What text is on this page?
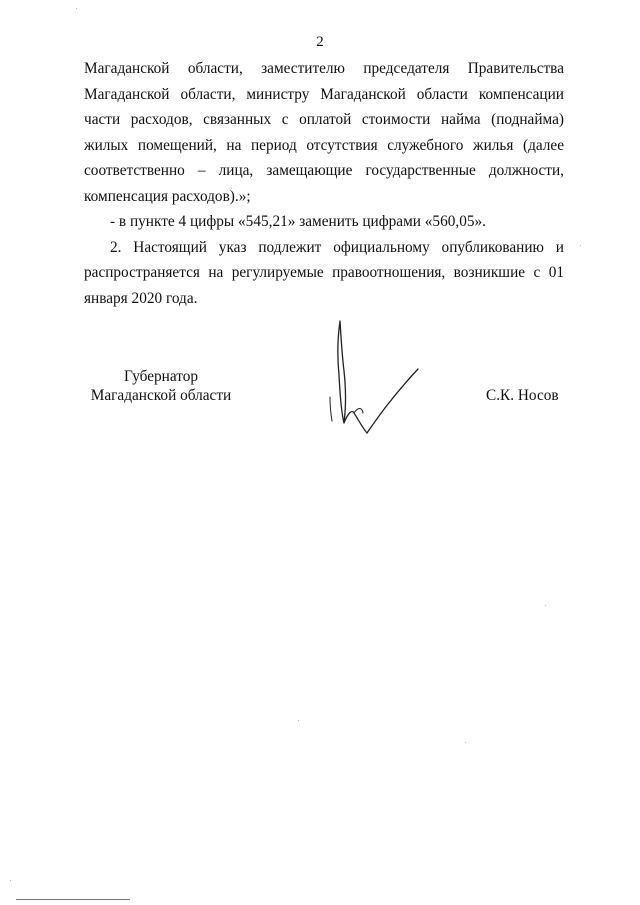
2

Магаданской области, заместителю председателя Правительства Магаданской области, министру Магаданской области компенсации части расходов, связанных с оплатой стоимости найма (поднайма) жилых помещений, на период отсутствия служебного жилья (далее соответственно – лица, замещающие государственные должности, компенсация расходов).»;

- в пункте 4 цифры «545,21» заменить цифрами «560,05».

2. Настоящий указ подлежит официальному опубликованию и распространяется на регулируемые правоотношения, возникшие с 01 января 2020 года.

Губернатор
Магаданской области	С.К. Носов
